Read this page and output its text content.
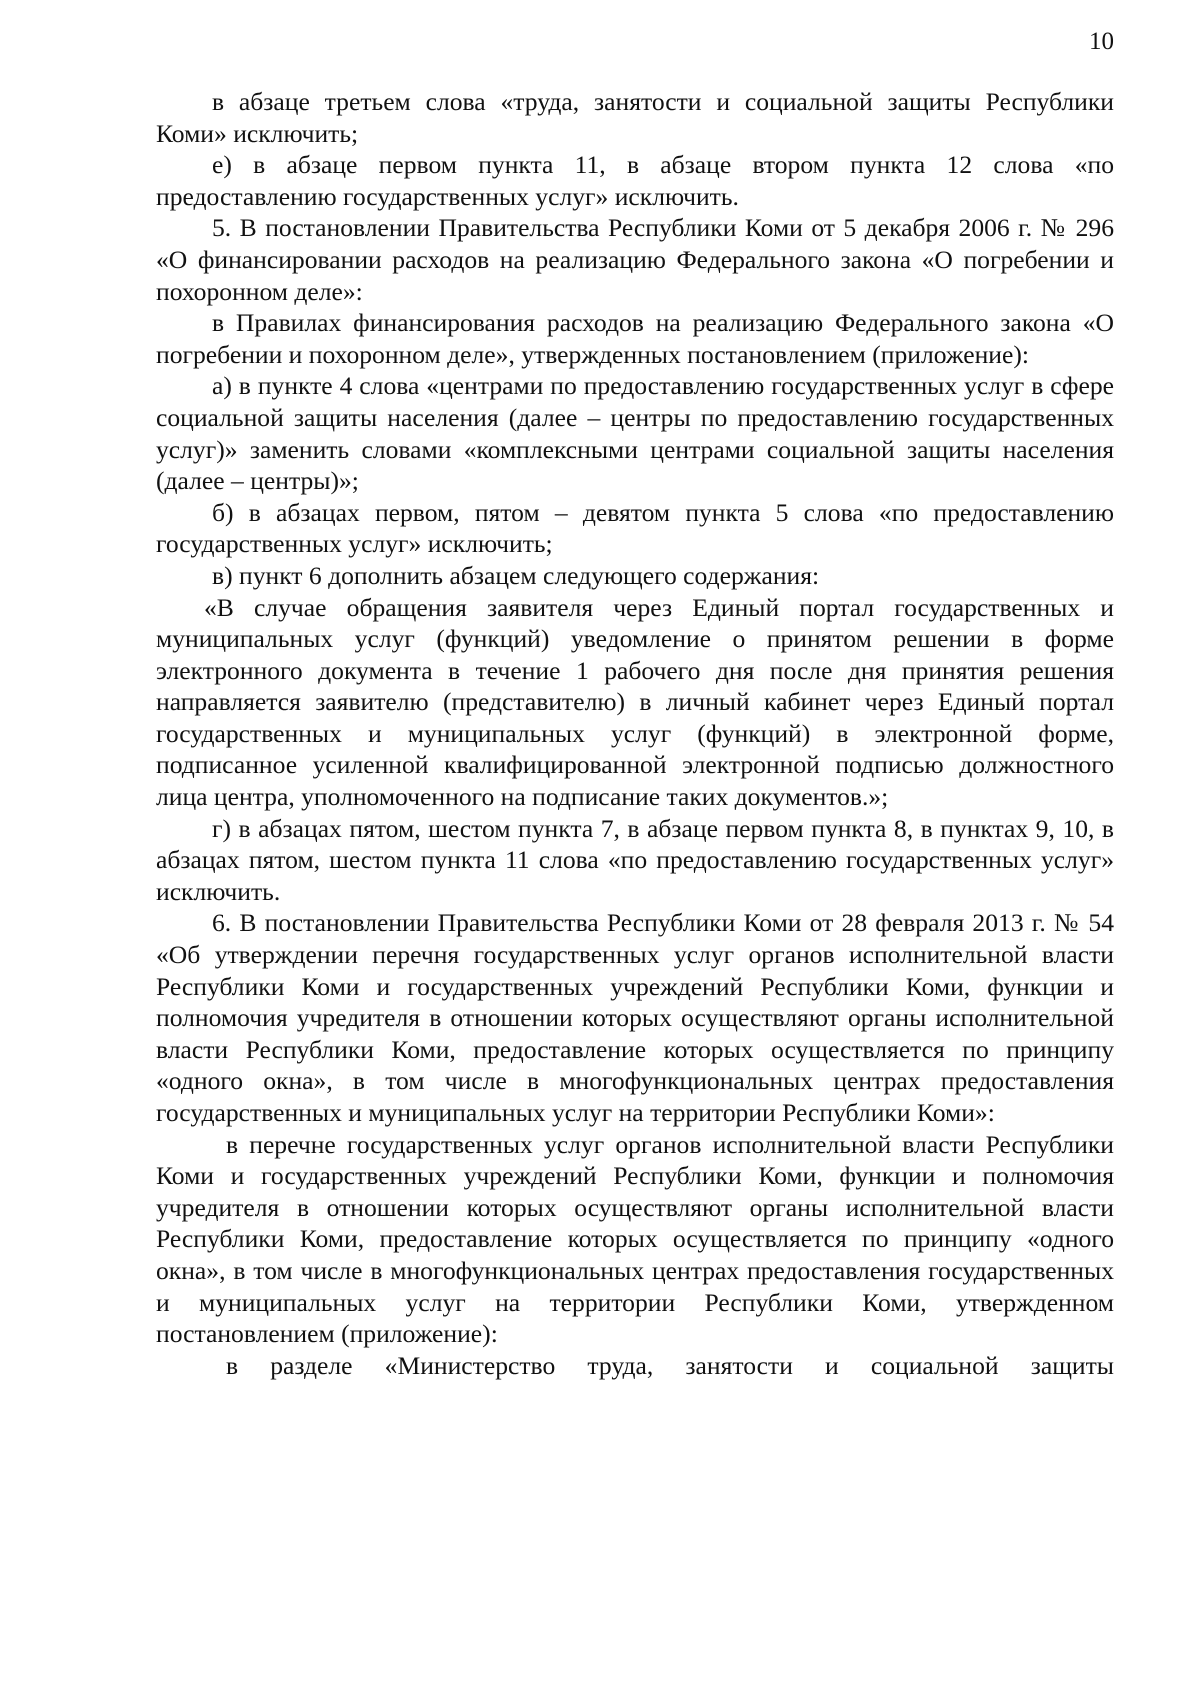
10

в абзаце третьем слова «труда, занятости и социальной защиты Республики Коми» исключить;

е) в абзаце первом пункта 11, в абзаце втором пункта 12 слова «по предоставлению государственных услуг» исключить.

5. В постановлении Правительства Республики Коми от 5 декабря 2006 г. № 296 «О финансировании расходов на реализацию Федерального закона «О погребении и похоронном деле»:

в Правилах финансирования расходов на реализацию Федерального закона «О погребении и похоронном деле», утвержденных постановлением (приложение):

а) в пункте 4 слова «центрами по предоставлению государственных услуг в сфере социальной защиты населения (далее – центры по предоставлению государственных услуг)» заменить словами «комплексными центрами социальной защиты населения (далее – центры)»;

б) в абзацах первом, пятом – девятом пункта 5 слова «по предоставлению государственных услуг» исключить;

в) пункт 6 дополнить абзацем следующего содержания:

«В случае обращения заявителя через Единый портал государственных и муниципальных услуг (функций) уведомление о принятом решении в форме электронного документа в течение 1 рабочего дня после дня принятия решения направляется заявителю (представителю) в личный кабинет через Единый портал государственных и муниципальных услуг (функций) в электронной форме, подписанное усиленной квалифицированной электронной подписью должностного лица центра, уполномоченного на подписание таких документов.»;

г) в абзацах пятом, шестом пункта 7, в абзаце первом пункта 8, в пунктах 9, 10, в абзацах пятом, шестом пункта 11 слова «по предоставлению государственных услуг» исключить.

6. В постановлении Правительства Республики Коми от 28 февраля 2013 г. № 54 «Об утверждении перечня государственных услуг органов исполнительной власти Республики Коми и государственных учреждений Республики Коми, функции и полномочия учредителя в отношении которых осуществляют органы исполнительной власти Республики Коми, предоставление которых осуществляется по принципу «одного окна», в том числе в многофункциональных центрах предоставления государственных и муниципальных услуг на территории Республики Коми»:

в перечне государственных услуг органов исполнительной власти Республики Коми и государственных учреждений Республики Коми, функции и полномочия учредителя в отношении которых осуществляют органы исполнительной власти Республики Коми, предоставление которых осуществляется по принципу «одного окна», в том числе в многофункциональных центрах предоставления государственных и муниципальных услуг на территории Республики Коми, утвержденном постановлением (приложение):

в разделе «Министерство труда, занятости и социальной защиты
